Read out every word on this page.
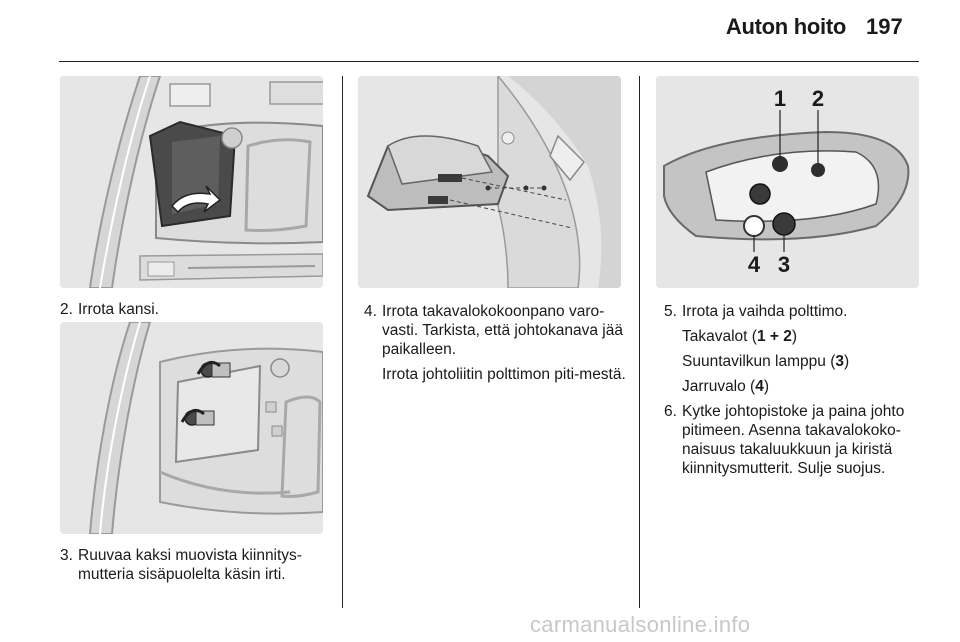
Auton hoito 197
2. Irrota kansi.
3. Ruuvaa kaksi muovista kiinnitys-mutteria sisäpuolelta käsin irti.
4. Irrota takavalokokoonpano varo-vasti. Tarkista, että johtokanava jää paikalleen.
Irrota johtoliitin polttimon piti-mestä.
1 2
4 3
5. Irrota ja vaihda polttimo.
Takavalot (1 + 2)
Suuntavilkun lamppu (3)
Jarruvalo (4)
6. Kytke johtopistoke ja paina johto pitimeen. Asenna takavalokoko-naisuus takaluukkuun ja kiristä kiinnitysmutterit. Sulje suojus.
carmanualsonline.info
